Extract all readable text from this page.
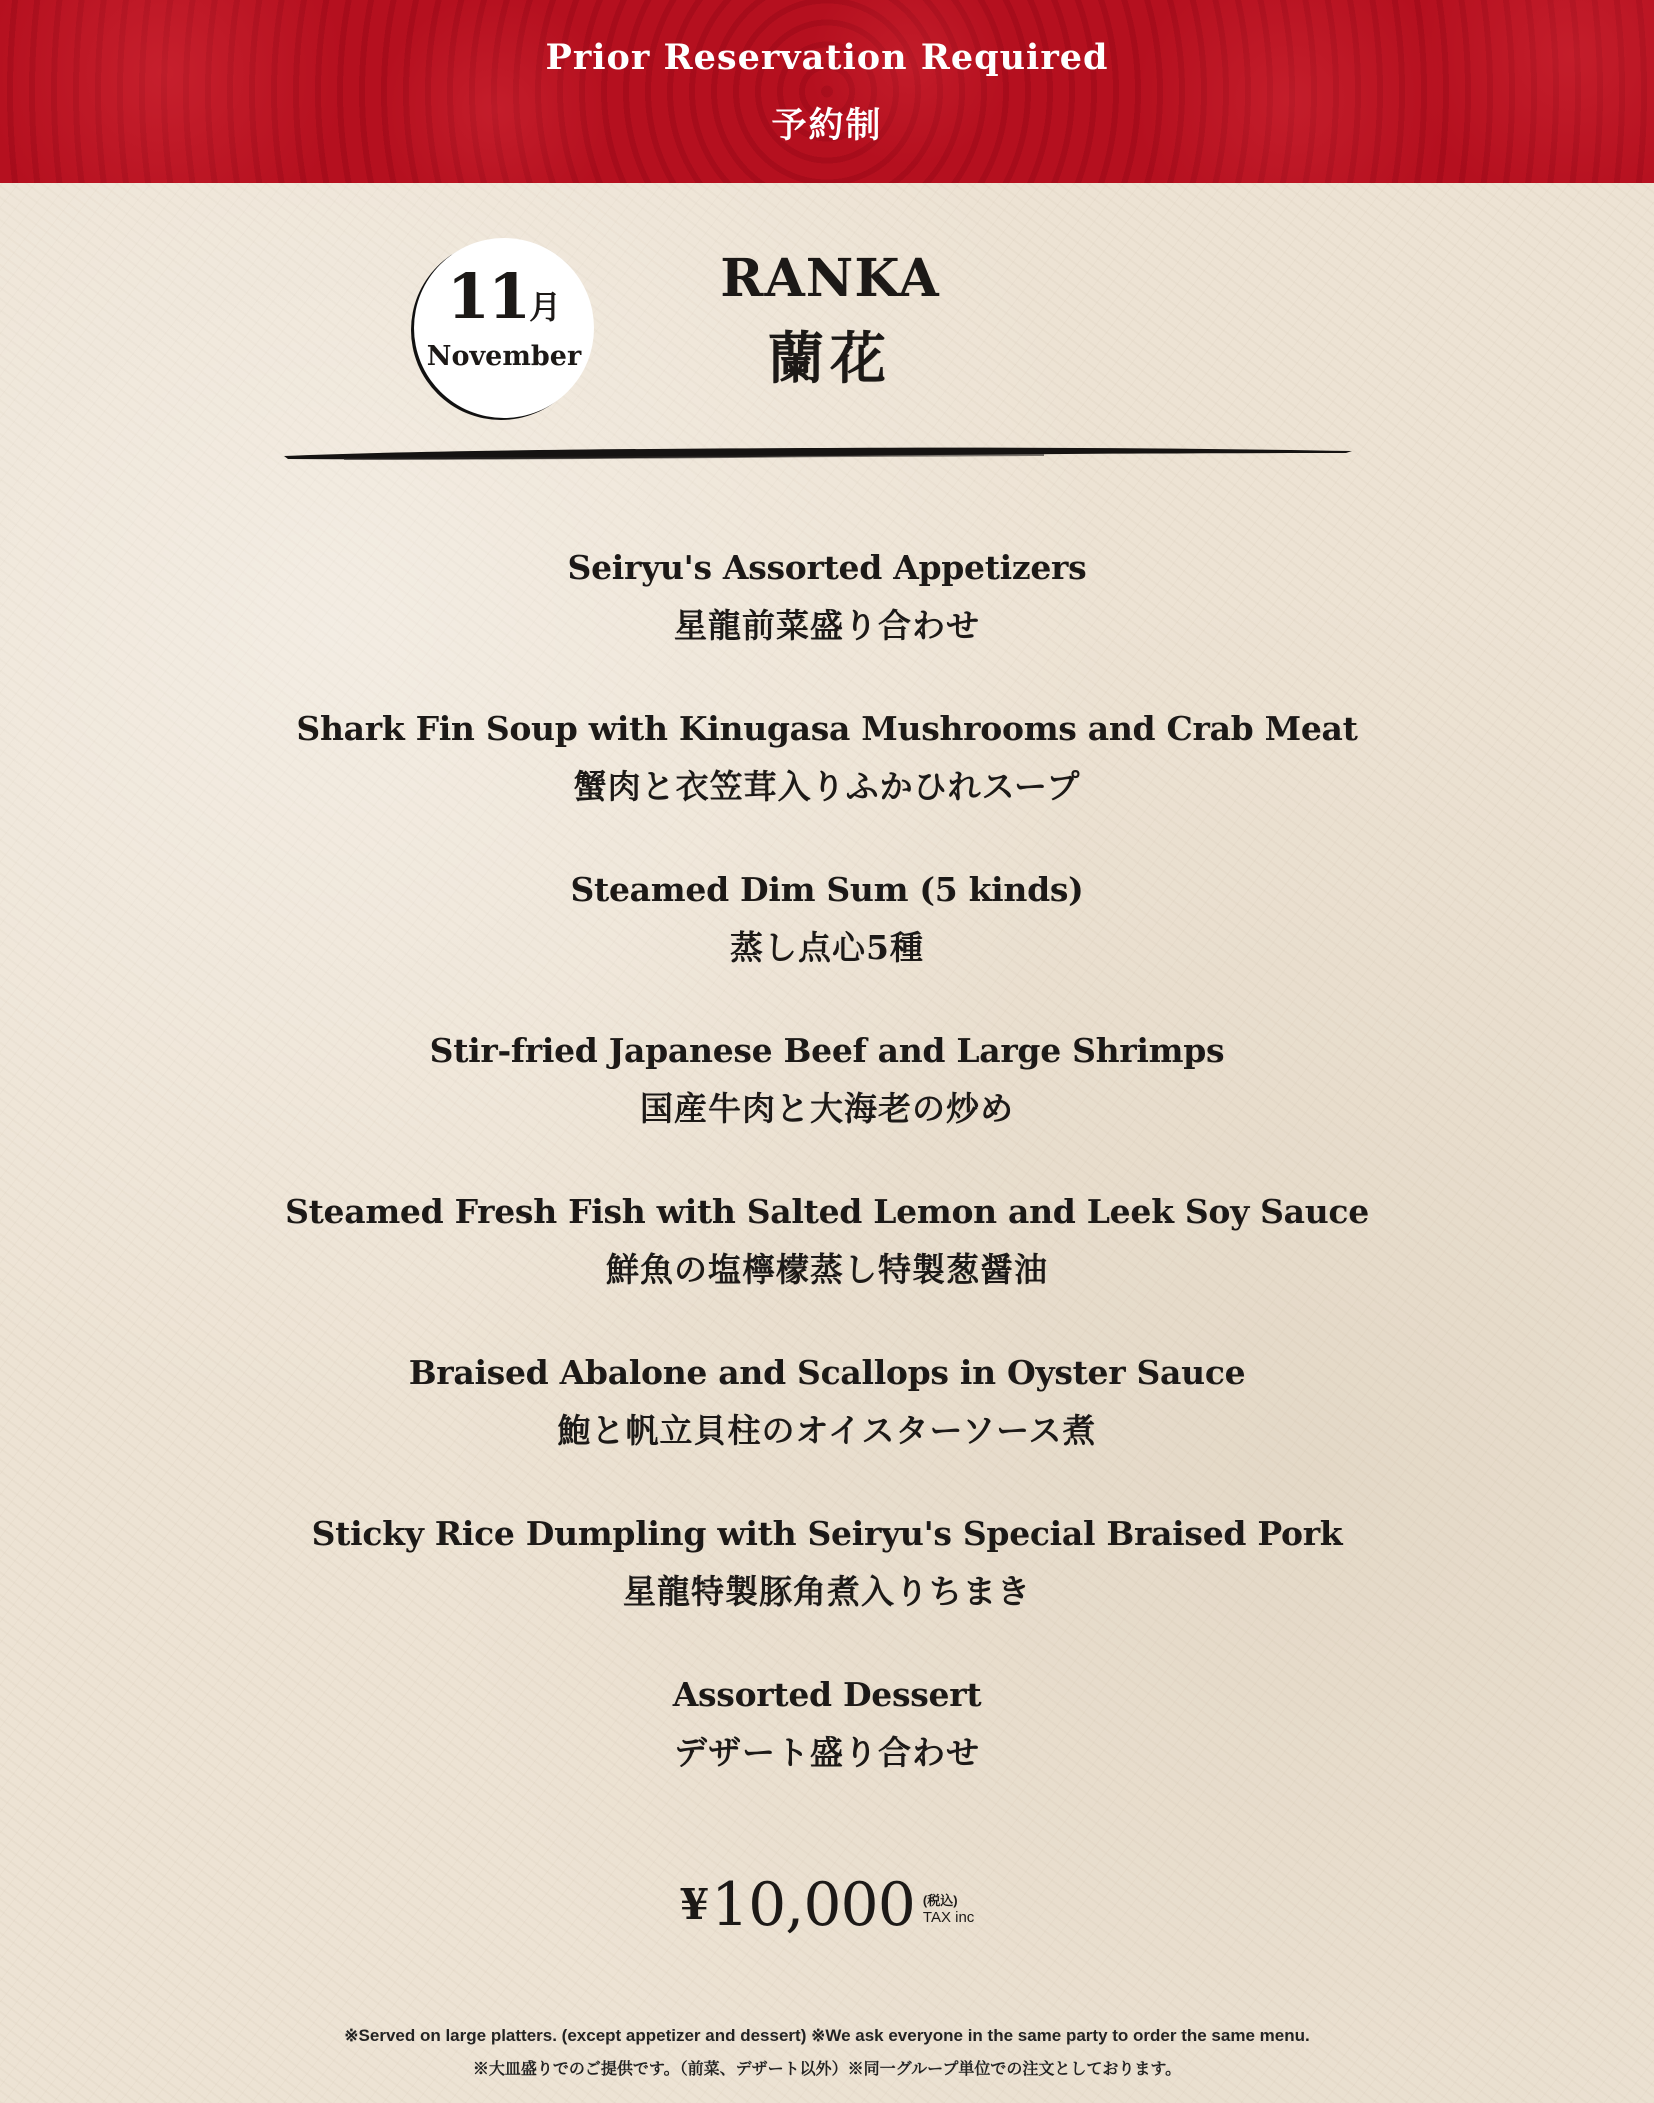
Prior Reservation Required
予約制
11月
November
RANKA
蘭花
Seiryu's Assorted Appetizers
星龍前菜盛り合わせ
Shark Fin Soup with Kinugasa Mushrooms and Crab Meat
蟹肉と衣笠茸入りふかひれスープ
Steamed Dim Sum (5 kinds)
蒸し点心5種
Stir-fried Japanese Beef and Large Shrimps
国産牛肉と大海老の炒め
Steamed Fresh Fish with Salted Lemon and Leek Soy Sauce
鮮魚の塩檸檬蒸し特製葱醤油
Braised Abalone and Scallops in Oyster Sauce
鮑と帆立貝柱のオイスターソース煮
Sticky Rice Dumpling with Seiryu's Special Braised Pork
星龍特製豚角煮入りちまき
Assorted Dessert
デザート盛り合わせ
¥10,000 (税込)
TAX inc
※Served on large platters. (except appetizer and dessert) ※We ask everyone in the same party to order the same menu.
※大皿盛りでのご提供です。（前菜、デザート以外）※同一グループ単位での注文としております。
